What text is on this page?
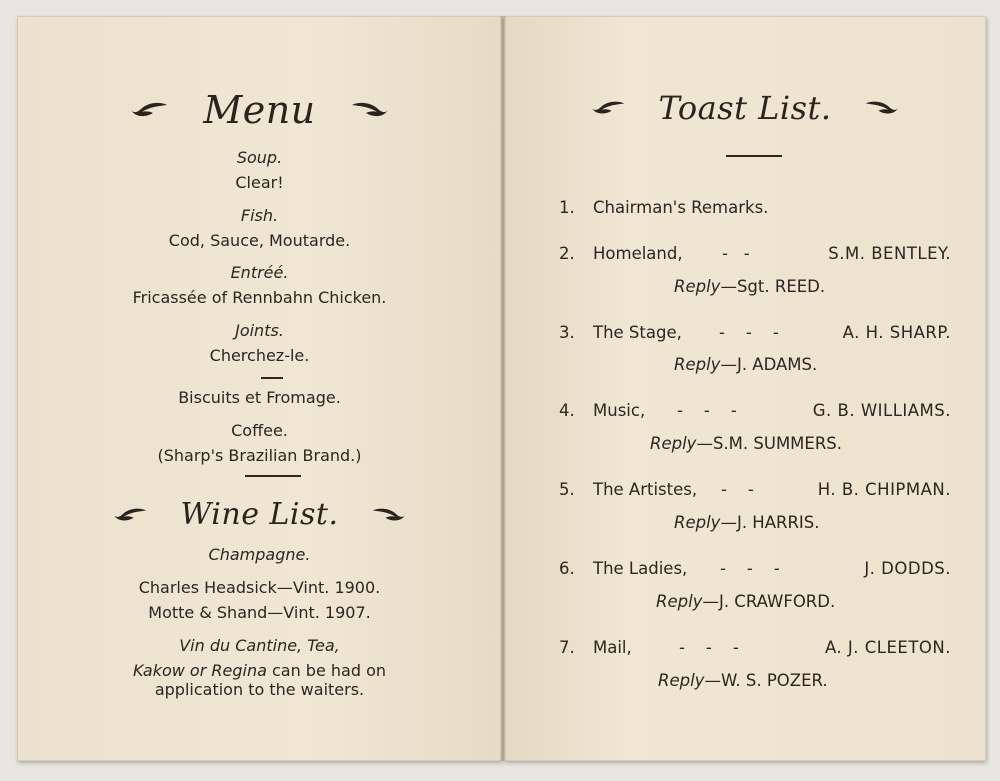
Menu
Soup.
Clear!
Fish.
Cod, Sauce, Moutarde.
Entréé.
Fricassée of Rennbahn Chicken.
Joints.
Cherchez-le.
Biscuits et Fromage.
Coffee.
(Sharp's Brazilian Brand.)
Wine List.
Champagne.
Charles Headsick—Vint. 1900.
Motte & Shand—Vint. 1907.
Vin du Cantine, Tea,
Kakow or Regina can be had on
application to the waiters.
Toast List.
1. Chairman's Remarks.
2. Homeland, -   -	S.M. BENTLEY.
Reply—Sgt. REED.
3. The Stage, -    -    -	A. H. SHARP.
Reply—J. ADAMS.
4. Music, -    -    -	G. B. WILLIAMS.
Reply—S.M. SUMMERS.
5. The Artistes, -    -	H. B. CHIPMAN.
Reply—J. HARRIS.
6. The Ladies, -    -    -	J. DODDS.
Reply—J. CRAWFORD.
7. Mail,	-    -    -	A. J. CLEETON.
Reply—W. S. POZER.
